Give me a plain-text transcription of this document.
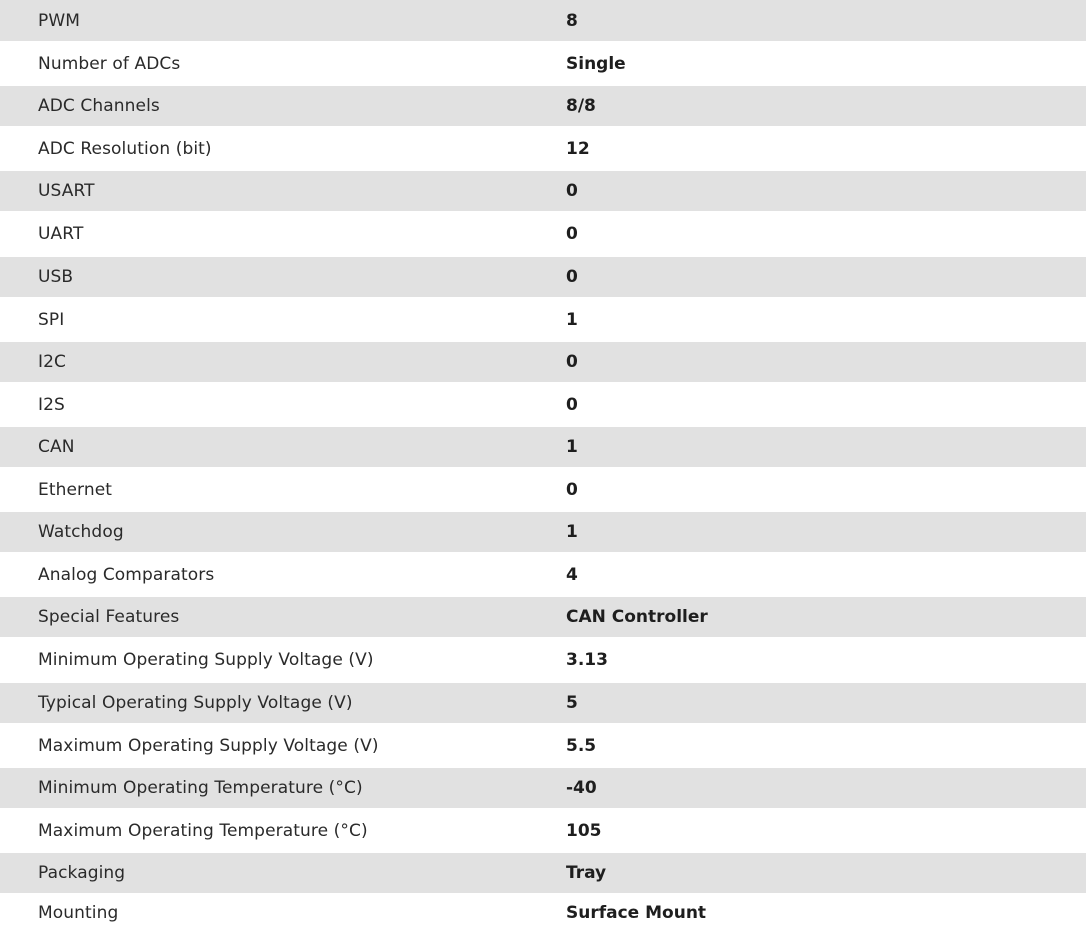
PWM	8
Number of ADCs	Single
ADC Channels	8/8
ADC Resolution (bit)	12
USART	0
UART	0
USB	0
SPI	1
I2C	0
I2S	0
CAN	1
Ethernet	0
Watchdog	1
Analog Comparators	4
Special Features	CAN Controller
Minimum Operating Supply Voltage (V)	3.13
Typical Operating Supply Voltage (V)	5
Maximum Operating Supply Voltage (V)	5.5
Minimum Operating Temperature (°C)	-40
Maximum Operating Temperature (°C)	105
Packaging	Tray
Mounting	Surface Mount
